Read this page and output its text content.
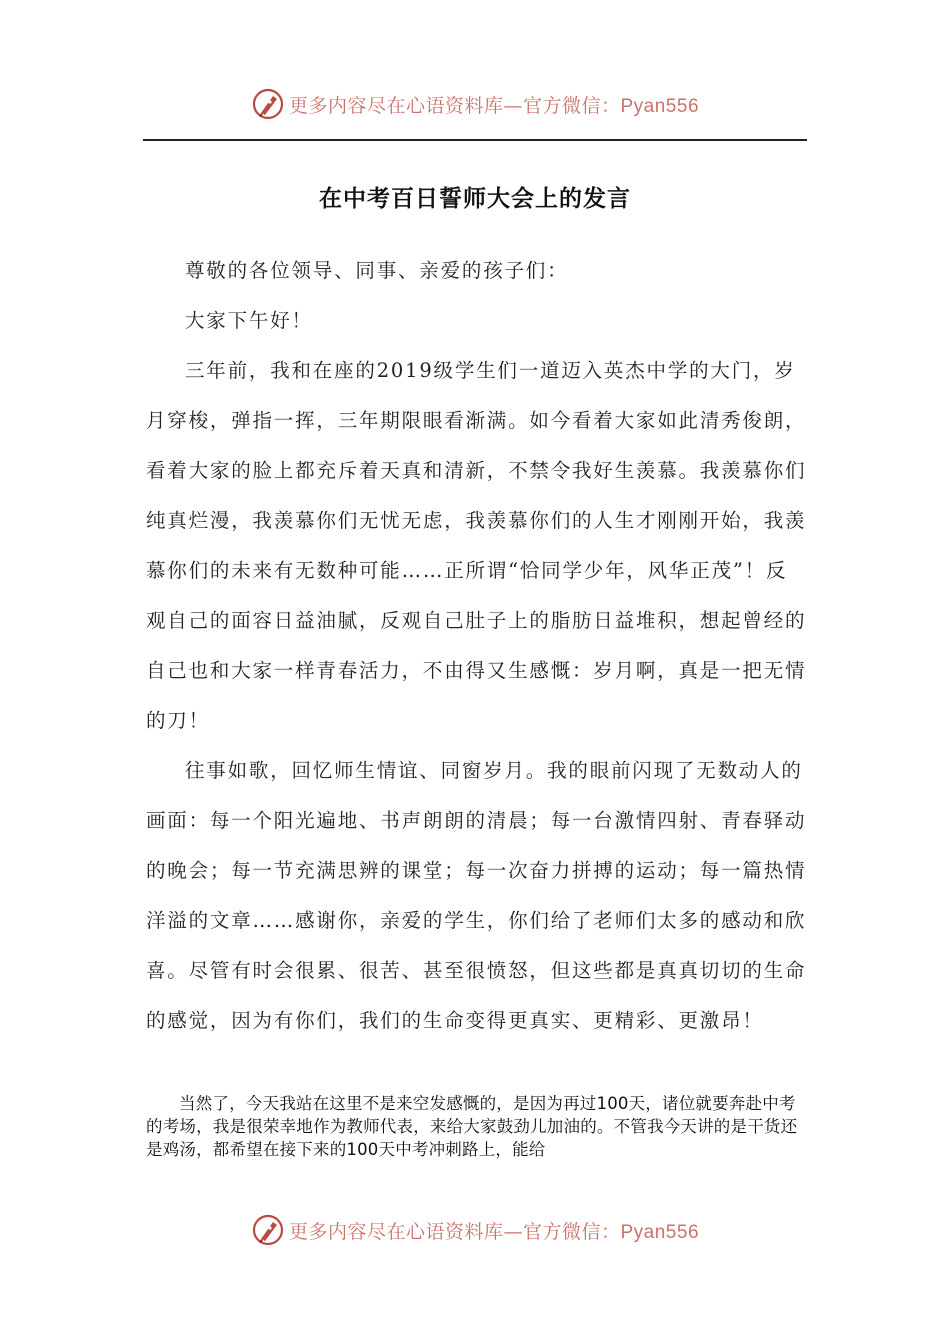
更多内容尽在心语资料库—官方微信：Pyan556
在中考百日誓师大会上的发言

尊敬的各位领导、同事、亲爱的孩子们：

大家下午好！

三年前，我和在座的2019级学生们一道迈入英杰中学的大门，岁月穿梭，弹指一挥，三年期限眼看渐满。如今看着大家如此清秀俊朗，看着大家的脸上都充斥着天真和清新，不禁令我好生羡慕。我羡慕你们纯真烂漫，我羡慕你们无忧无虑，我羡慕你们的人生才刚刚开始，我羡慕你们的未来有无数种可能……正所谓“恰同学少年，风华正茂”！反观自己的面容日益油腻，反观自己肚子上的脂肪日益堆积，想起曾经的自己也和大家一样青春活力，不由得又生感慨：岁月啊，真是一把无情的刀！

往事如歌，回忆师生情谊、同窗岁月。我的眼前闪现了无数动人的画面：每一个阳光遍地、书声朗朗的清晨；每一台激情四射、青春驿动的晚会；每一节充满思辨的课堂；每一次奋力拼搏的运动；每一篇热情洋溢的文章……感谢你，亲爱的学生，你们给了老师们太多的感动和欣喜。尽管有时会很累、很苦、甚至很愤怒，但这些都是真真切切的生命的感觉，因为有你们，我们的生命变得更真实、更精彩、更激昂！

当然了，今天我站在这里不是来空发感慨的，是因为再过100天，诸位就要奔赴中考的考场，我是很荣幸地作为教师代表，来给大家鼓劲儿加油的。不管我今天讲的是干货还是鸡汤，都希望在接下来的100天中考冲刺路上，能给

更多内容尽在心语资料库—官方微信：Pyan556
